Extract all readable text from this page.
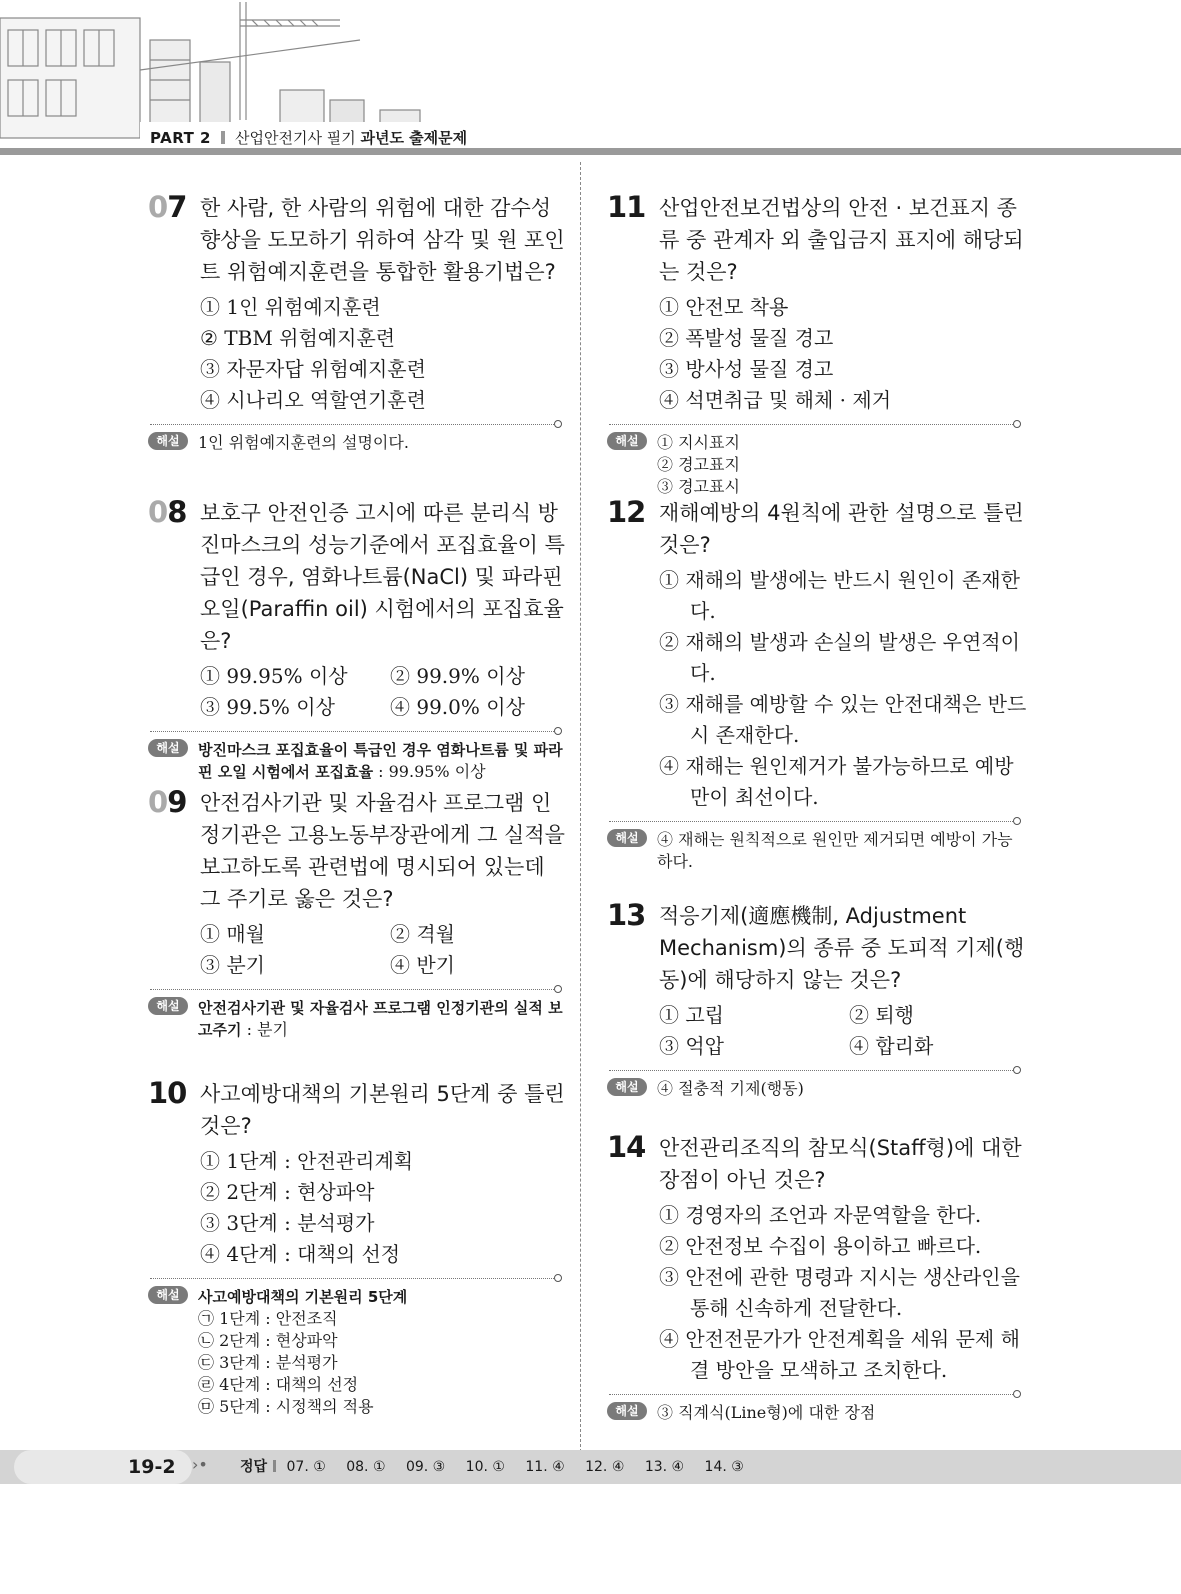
PART 2 산업안전기사 필기 과년도 출제문제
07 한 사람, 한 사람의 위험에 대한 감수성 향상을 도모하기 위하여 삼각 및 원 포인트 위험예지훈련을 통합한 활용기법은?
① 1인 위험예지훈련
② TBM 위험예지훈련
③ 자문자답 위험예지훈련
④ 시나리오 역할연기훈련
해설	1인 위험예지훈련의 설명이다.
08 보호구 안전인증 고시에 따른 분리식 방진마스크의 성능기준에서 포집효율이 특급인 경우, 염화나트륨(NaCl) 및 파라핀 오일(Paraffin oil) 시험에서의 포집효율은?
① 99.95% 이상	② 99.9% 이상
③ 99.5% 이상	④ 99.0% 이상
해설	방진마스크 포집효율이 특급인 경우 염화나트륨 및 파라핀 오일 시험에서 포집효율 : 99.95% 이상
09 안전검사기관 및 자율검사 프로그램 인정기관은 고용노동부장관에게 그 실적을 보고하도록 관련법에 명시되어 있는데 그 주기로 옳은 것은?
① 매월	② 격월
③ 분기	④ 반기
해설	안전검사기관 및 자율검사 프로그램 인정기관의 실적 보고주기 : 분기
10 사고예방대책의 기본원리 5단계 중 틀린 것은?
① 1단계 : 안전관리계획
② 2단계 : 현상파악
③ 3단계 : 분석평가
④ 4단계 : 대책의 선정
해설	사고예방대책의 기본원리 5단계
㉠ 1단계 : 안전조직
㉡ 2단계 : 현상파악
㉢ 3단계 : 분석평가
㉣ 4단계 : 대책의 선정
㉤ 5단계 : 시정책의 적용
11 산업안전보건법상의 안전 · 보건표지 종류 중 관계자 외 출입금지 표지에 해당되는 것은?
① 안전모 착용
② 폭발성 물질 경고
③ 방사성 물질 경고
④ 석면취급 및 해체 · 제거
해설	① 지시표지
② 경고표지
③ 경고표시
12 재해예방의 4원칙에 관한 설명으로 틀린 것은?
① 재해의 발생에는 반드시 원인이 존재한다.
② 재해의 발생과 손실의 발생은 우연적이다.
③ 재해를 예방할 수 있는 안전대책은 반드시 존재한다.
④ 재해는 원인제거가 불가능하므로 예방만이 최선이다.
해설	④ 재해는 원칙적으로 원인만 제거되면 예방이 가능하다.
13 적응기제(適應機制, Adjustment Mechanism)의 종류 중 도피적 기제(행동)에 해당하지 않는 것은?
① 고립	② 퇴행
③ 억압	④ 합리화
해설	④ 절충적 기제(행동)
14 안전관리조직의 참모식(Staff형)에 대한 장점이 아닌 것은?
① 경영자의 조언과 자문역할을 한다.
② 안전정보 수집이 용이하고 빠르다.
③ 안전에 관한 명령과 지시는 생산라인을 통해 신속하게 전달한다.
④ 안전전문가가 안전계획을 세워 문제 해결 방안을 모색하고 조치한다.
해설	③ 직계식(Line형)에 대한 장점
19-2 ›• 정답 07. ① 08. ① 09. ③ 10. ① 11. ④ 12. ④ 13. ④ 14. ③
